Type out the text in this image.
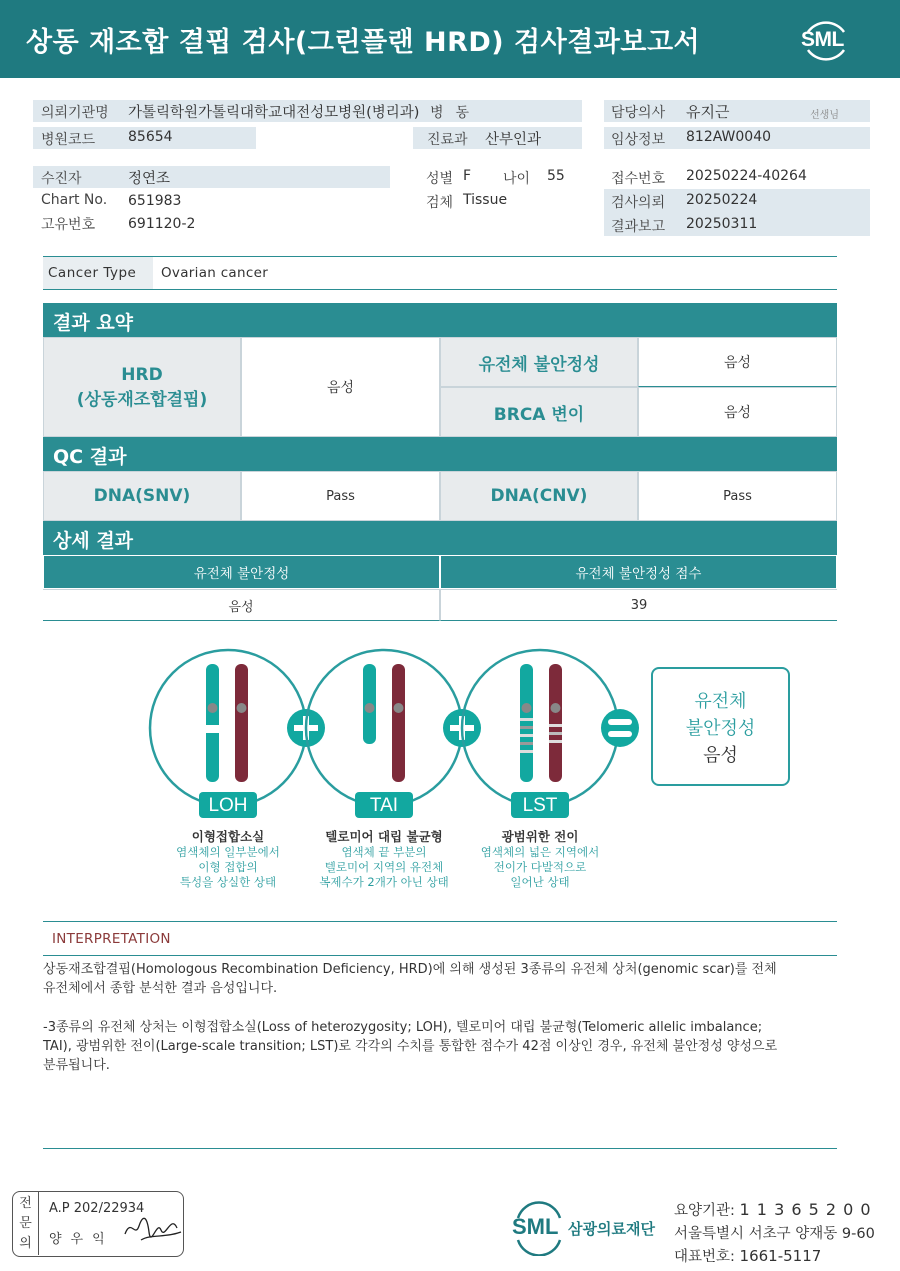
상동 재조합 결핍 검사(그린플랜 HRD) 검사결과보고서	SML
의뢰기관명 가톨릭학원가톨릭대학교대전성모병원(병리과) 병동
병원코드 85654	진료과 산부인과
담당의사 유지근	선생님
임상정보 812AW0040
수진자	정연조	성별 F 나이 55	접수번호 20250224-40264
Chart No. 651983	검체 Tissue	검사의뢰 20250224
고유번호 691120-2	결과보고 20250311
Cancer Type	Ovarian cancer
결과 요약
HRD
(상동재조합결핍)
음성
유전체 불안정성	음성
BRCA 변이	음성
QC 결과
DNA(SNV)	Pass	DNA(CNV)	Pass
상세 결과
유전체 불안정성	유전체 불안정성 점수
음성	39
LOH	TAI	LST
유전체
불안정성
음성
이형접합소실
염색체의 일부분에서
이형 접합의
특성을 상실한 상태
텔로미어 대립 불균형
염색체 끝 부분의
텔로미어 지역의 유전체
복제수가 2개가 아닌 상태
광범위한 전이
염색체의 넓은 지역에서
전이가 다발적으로
일어난 상태
INTERPRETATION
상동재조합결핍(Homologous Recombination Deficiency, HRD)에 의해 생성된 3종류의 유전체 상처(genomic scar)를 전체
유전체에서 종합 분석한 결과 음성입니다.
-3종류의 유전체 상처는 이형접합소실(Loss of heterozygosity; LOH), 텔로미어 대립 불균형(Telomeric allelic imbalance;
TAI), 광범위한 전이(Large-scale transition; LST)로 각각의 수치를 통합한 점수가 42점 이상인 경우, 유전체 불안정성 양성으로
분류됩니다.
전문의
A.P 202/22934
양우익
SML 삼광의료재단
요양기관: 1 1 3 6 5 2 0 0
서울특별시 서초구 양재동 9-60
대표번호: 1661-5117
